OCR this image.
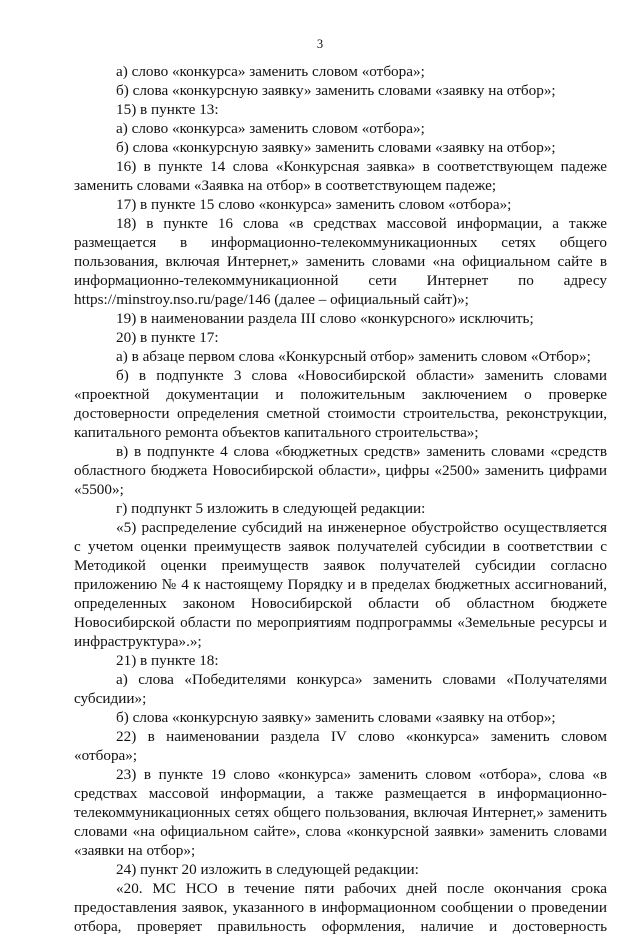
3

а) слово «конкурса» заменить словом «отбора»;

б) слова «конкурсную заявку» заменить словами «заявку на отбор»;

15) в пункте 13:

а) слово «конкурса» заменить словом «отбора»;

б) слова «конкурсную заявку» заменить словами «заявку на отбор»;

16) в пункте 14 слова «Конкурсная заявка» в соответствующем падеже заменить словами «Заявка на отбор» в соответствующем падеже;

17) в пункте 15 слово «конкурса» заменить словом «отбора»;

18) в пункте 16 слова «в средствах массовой информации, а также размещается в информационно-телекоммуникационных сетях общего пользования, включая Интернет,» заменить словами «на официальном сайте в информационно-телекоммуникационной сети Интернет по адресу https://minstroy.nso.ru/page/146 (далее – официальный сайт)»;

19) в наименовании раздела III слово «конкурсного» исключить;

20) в пункте 17:

а) в абзаце первом слова «Конкурсный отбор» заменить словом «Отбор»;

б) в подпункте 3 слова «Новосибирской области» заменить словами «проектной документации и положительным заключением о проверке достоверности определения сметной стоимости строительства, реконструкции, капитального ремонта объектов капитального строительства»;

в) в подпункте 4 слова «бюджетных средств» заменить словами «средств областного бюджета Новосибирской области», цифры «2500» заменить цифрами «5500»;

г) подпункт 5 изложить в следующей редакции:

«5) распределение субсидий на инженерное обустройство осуществляется с учетом оценки преимуществ заявок получателей субсидии в соответствии с Методикой оценки преимуществ заявок получателей субсидии согласно приложению № 4 к настоящему Порядку и в пределах бюджетных ассигнований, определенных законом Новосибирской области об областном бюджете Новосибирской области по мероприятиям подпрограммы «Земельные ресурсы и инфраструктура».»;

21) в пункте 18:

а) слова «Победителями конкурса» заменить словами «Получателями субсидии»;

б) слова «конкурсную заявку» заменить словами «заявку на отбор»;

22) в наименовании раздела IV слово «конкурса» заменить словом «отбора»;

23) в пункте 19 слово «конкурса» заменить словом «отбора», слова «в средствах массовой информации, а также размещается в информационно-телекоммуникационных сетях общего пользования, включая Интернет,» заменить словами «на официальном сайте», слова «конкурсной заявки» заменить словами «заявки на отбор»;

24) пункт 20 изложить в следующей редакции:

«20. МС НСО в течение пяти рабочих дней после окончания срока предоставления заявок, указанного в информационном сообщении о проведении отбора, проверяет правильность оформления, наличие и достоверность
